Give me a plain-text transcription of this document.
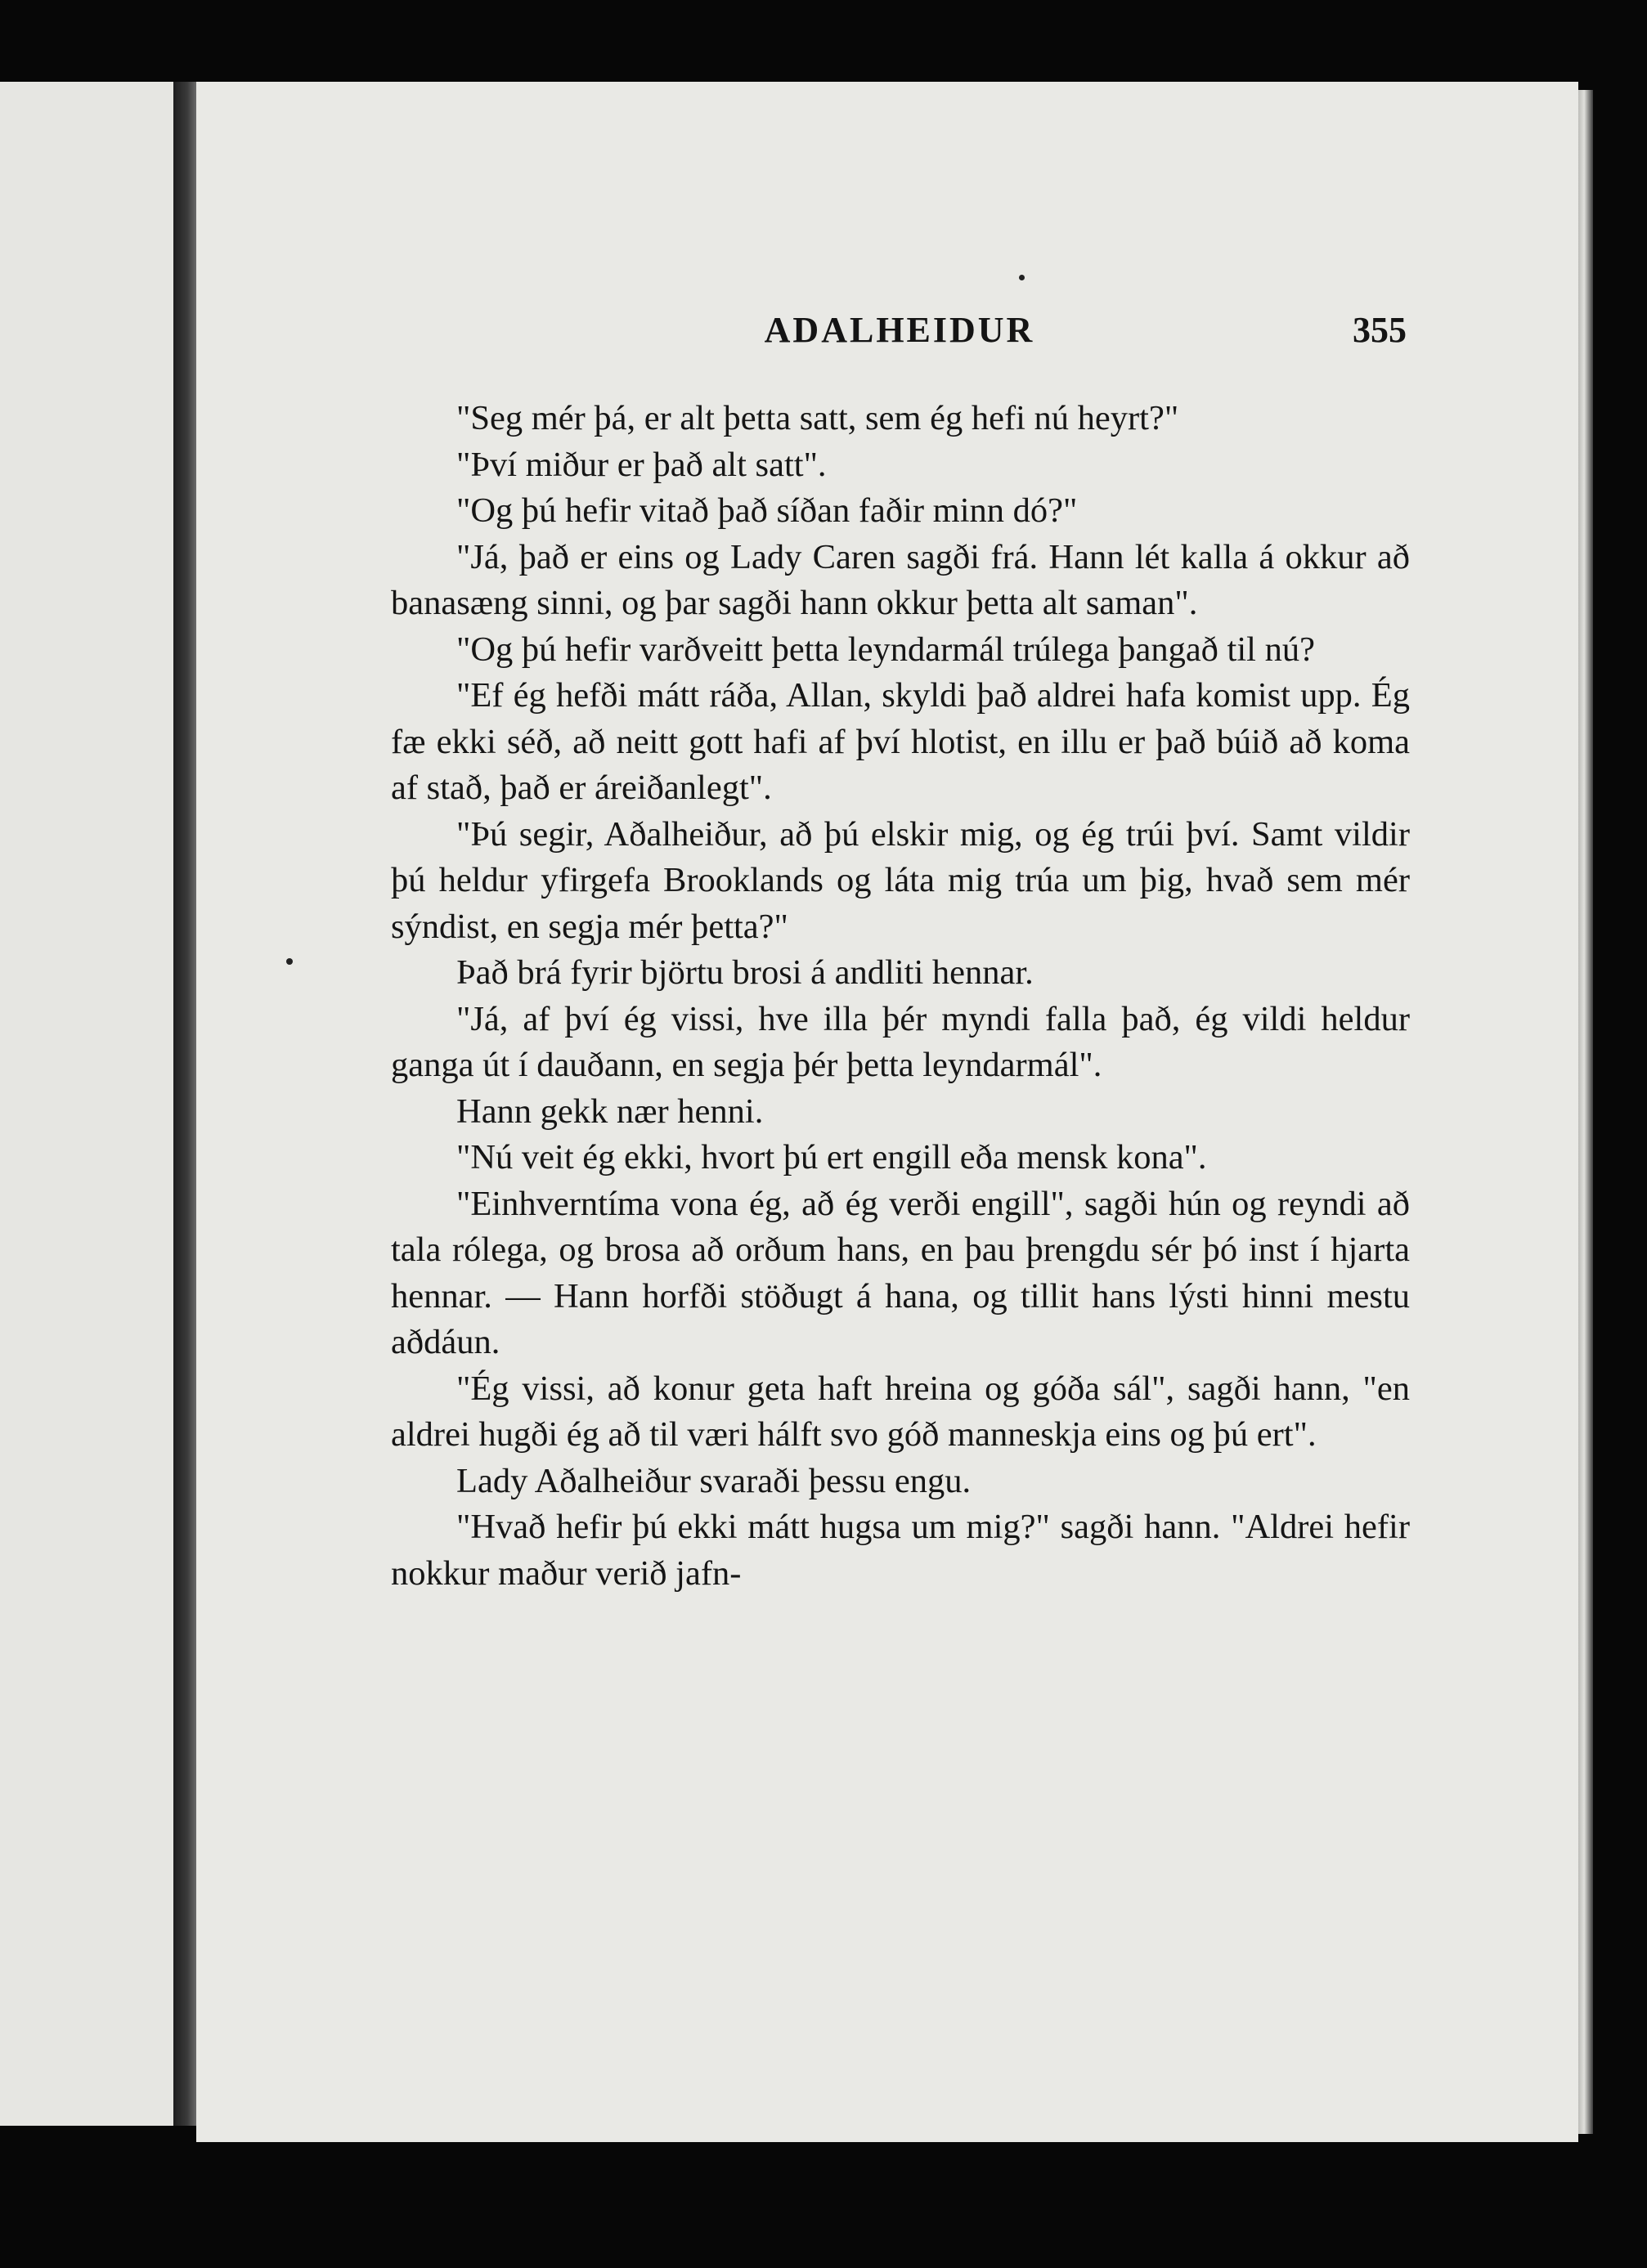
ADALHEIDUR	355

"Seg mér þá, er alt þetta satt, sem ég hefi nú heyrt?"

"Því miður er það alt satt".

"Og þú hefir vitað það síðan faðir minn dó?"

"Já, það er eins og Lady Caren sagði frá. Hann lét kalla á okkur að banasæng sinni, og þar sagði hann okkur þetta alt saman".

"Og þú hefir varðveitt þetta leyndarmál trúlega þangað til nú?

"Ef ég hefði mátt ráða, Allan, skyldi það aldrei hafa komist upp. Ég fæ ekki séð, að neitt gott hafi af því hlotist, en illu er það búið að koma af stað, það er áreiðanlegt".

"Þú segir, Aðalheiður, að þú elskir mig, og ég trúi því. Samt vildir þú heldur yfirgefa Brooklands og láta mig trúa um þig, hvað sem mér sýndist, en segja mér þetta?"

Það brá fyrir björtu brosi á andliti hennar.

"Já, af því ég vissi, hve illa þér myndi falla það, ég vildi heldur ganga út í dauðann, en segja þér þetta leyndarmál".

Hann gekk nær henni.

"Nú veit ég ekki, hvort þú ert engill eða mensk kona".

"Einhverntíma vona ég, að ég verði engill", sagði hún og reyndi að tala rólega, og brosa að orðum hans, en þau þrengdu sér þó inst í hjarta hennar. — Hann horfði stöðugt á hana, og tillit hans lýsti hinni mestu aðdáun.

"Ég vissi, að konur geta haft hreina og góða sál", sagði hann, "en aldrei hugði ég að til væri hálft svo góð manneskja eins og þú ert".

Lady Aðalheiður svaraði þessu engu.

"Hvað hefir þú ekki mátt hugsa um mig?" sagði hann. "Aldrei hefir nokkur maður verið jafn-
